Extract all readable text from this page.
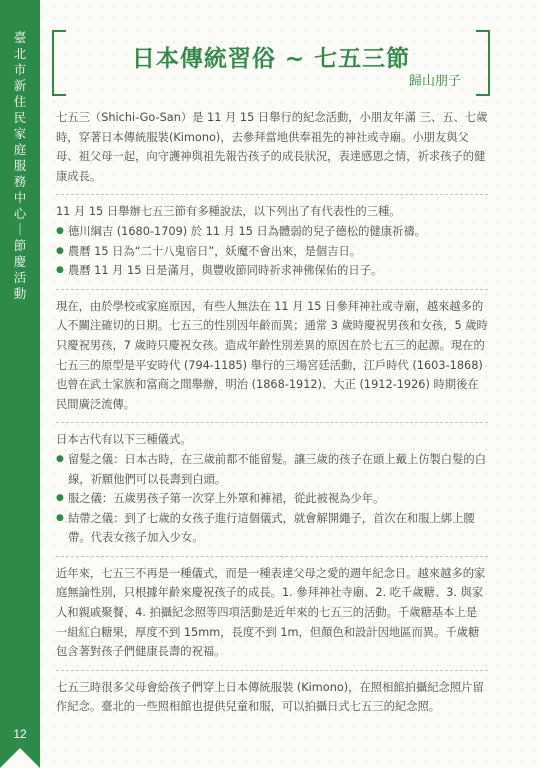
臺北市新住民家庭服務中心｜節慶活動
12
日本傳統習俗 ~ 七五三節
歸山朋子

七五三（Shichi-Go-San）是 11 月 15 日舉行的紀念活動，小朋友年滿 三、五、七歲時，穿著日本傳統服裝(Kimono)，去參拜當地供奉祖先的神社或寺廟。小朋友與父母、祖父母一起，向守護神與祖先報告孩子的成長狀況，表達感恩之情，祈求孩子的健康成長。

11 月 15 日舉辦七五三節有多種說法，以下列出了有代表性的三種。

● 德川綱吉 (1680-1709) 於 11 月 15 日為體弱的兒子德松的健康祈禱。
● 農曆 15 日為“二十八鬼宿日”，妖魔不會出來，是個吉日。
● 農曆 11 月 15 日是滿月，與豐收節同時祈求神佛保佑的日子。

現在，由於學校或家庭原因，有些人無法在 11 月 15 日參拜神社或寺廟，越來越多的人不關注確切的日期。七五三的性別因年齡而異；通常 3 歲時慶祝男孩和女孩，5 歲時只慶祝男孩，7 歲時只慶祝女孩。造成年齡性別差異的原因在於七五三的起源。現在的七五三的原型是平安時代 (794-1185) 舉行的三場宮廷活動，江戶時代 (1603-1868) 也曾在武士家族和富商之間舉辦，明治 (1868-1912)、大正 (1912-1926) 時期後在民間廣泛流傳。

日本古代有以下三種儀式。

● 留髮之儀：日本古時，在三歲前都不能留髮。讓三歲的孩子在頭上戴上仿製白髮的白線，祈願他們可以長壽到白頭。
● 服之儀：五歲男孩子第一次穿上外罩和褲裙，從此被視為少年。
● 結帶之儀：到了七歲的女孩子進行這個儀式，就會解開繩子，首次在和服上綁上腰帶。代表女孩子加入少女。

近年來，七五三不再是一種儀式，而是一種表達父母之愛的週年紀念日。越來越多的家庭無論性別，只根據年齡來慶祝孩子的成長。1. 參拜神社寺廟、2. 吃千歲糖、3. 與家人和親戚聚餐、4. 拍攝紀念照等四項活動是近年來的七五三的活動。千歲糖基本上是一組紅白糖果，厚度不到 15mm，長度不到 1m，但顏色和設計因地區而異。千歲糖包含著對孩子們健康長壽的祝福。

七五三時很多父母會給孩子們穿上日本傳統服裝 (Kimono)，在照相館拍攝紀念照片留作紀念。臺北的一些照相館也提供兒童和服，可以拍攝日式七五三的紀念照。
